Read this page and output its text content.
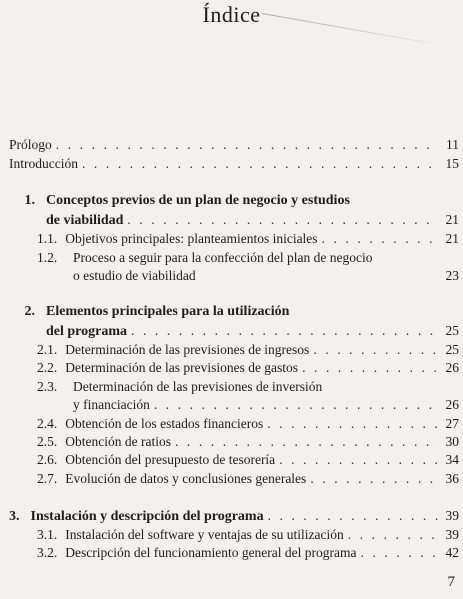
Índice
Prólogo . . .	11
Introducción . . .	15
1. Conceptos previos de un plan de negocio y estudios
de viabilidad . . .	21
1.1. Objetivos principales: planteamientos iniciales . . .	21
1.2. Proceso a seguir para la confección del plan de negocio
o estudio de viabilidad	23
2. Elementos principales para la utilización
del programa . . .	25
2.1. Determinación de las previsiones de ingresos . . .	25
2.2. Determinación de las previsiones de gastos . . .	26
2.3. Determinación de las previsiones de inversión
y financiación . . .	26
2.4. Obtención de los estados financieros . . .	27
2.5. Obtención de ratios . . .	30
2.6. Obtención del presupuesto de tesorería . . .	34
2.7. Evolución de datos y conclusiones generales . . .	36
3. Instalación y descripción del programa . . .	39
3.1. Instalación del software y ventajas de su utilización . . .	39
3.2. Descripción del funcionamiento general del programa . . .	42
7
